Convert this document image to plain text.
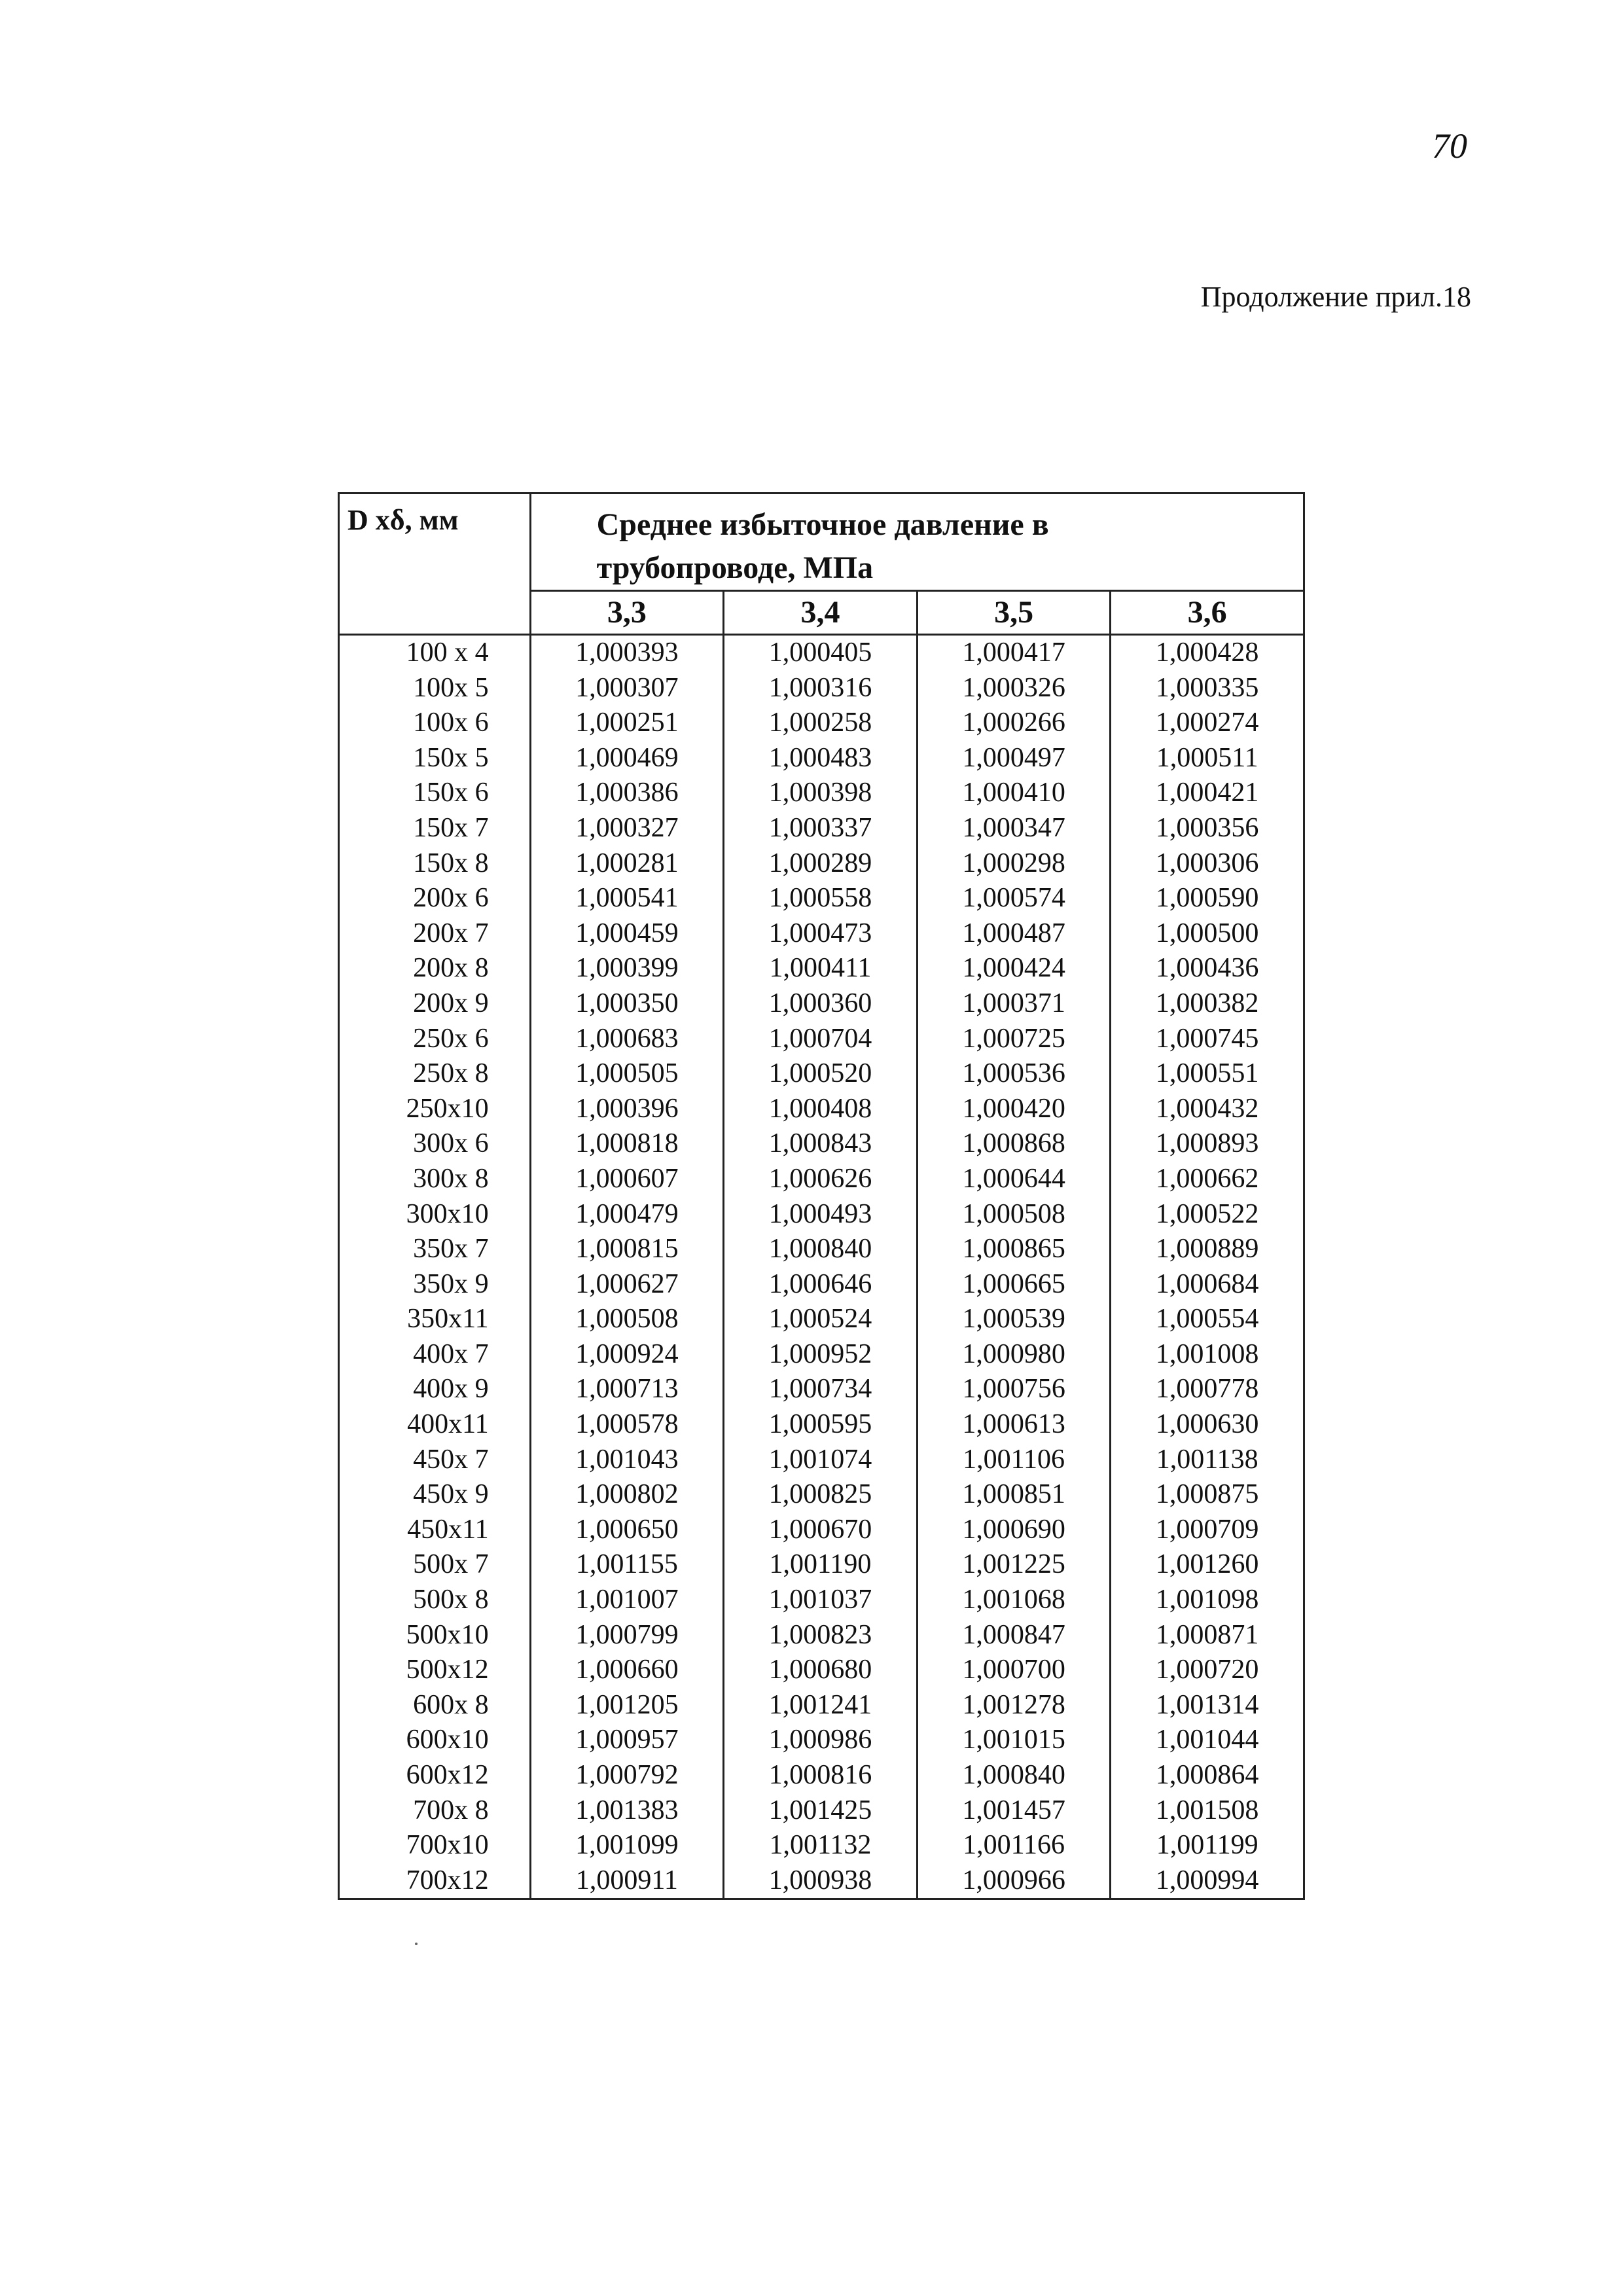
70
Продолжение прил.18
D хδ, мм	Среднее избыточное давление в трубопроводе, МПа			
	3,3	3,4	3,5	3,6
100 х 4	1,000393	1,000405	1,000417	1,000428
100х 5	1,000307	1,000316	1,000326	1,000335
100х 6	1,000251	1,000258	1,000266	1,000274
150х 5	1,000469	1,000483	1,000497	1,000511
150х 6	1,000386	1,000398	1,000410	1,000421
150х 7	1,000327	1,000337	1,000347	1,000356
150х 8	1,000281	1,000289	1,000298	1,000306
200х 6	1,000541	1,000558	1,000574	1,000590
200х 7	1,000459	1,000473	1,000487	1,000500
200х 8	1,000399	1,000411	1,000424	1,000436
200х 9	1,000350	1,000360	1,000371	1,000382
250х 6	1,000683	1,000704	1,000725	1,000745
250х 8	1,000505	1,000520	1,000536	1,000551
250х10	1,000396	1,000408	1,000420	1,000432
300х 6	1,000818	1,000843	1,000868	1,000893
300х 8	1,000607	1,000626	1,000644	1,000662
300х10	1,000479	1,000493	1,000508	1,000522
350х 7	1,000815	1,000840	1,000865	1,000889
350х 9	1,000627	1,000646	1,000665	1,000684
350х11	1,000508	1,000524	1,000539	1,000554
400х 7	1,000924	1,000952	1,000980	1,001008
400х 9	1,000713	1,000734	1,000756	1,000778
400х11	1,000578	1,000595	1,000613	1,000630
450х 7	1,001043	1,001074	1,001106	1,001138
450х 9	1,000802	1,000825	1,000851	1,000875
450х11	1,000650	1,000670	1,000690	1,000709
500х 7	1,001155	1,001190	1,001225	1,001260
500х 8	1,001007	1,001037	1,001068	1,001098
500х10	1,000799	1,000823	1,000847	1,000871
500х12	1,000660	1,000680	1,000700	1,000720
600х 8	1,001205	1,001241	1,001278	1,001314
600х10	1,000957	1,000986	1,001015	1,001044
600х12	1,000792	1,000816	1,000840	1,000864
700х 8	1,001383	1,001425	1,001457	1,001508
700х10	1,001099	1,001132	1,001166	1,001199
700х12	1,000911	1,000938	1,000966	1,000994
